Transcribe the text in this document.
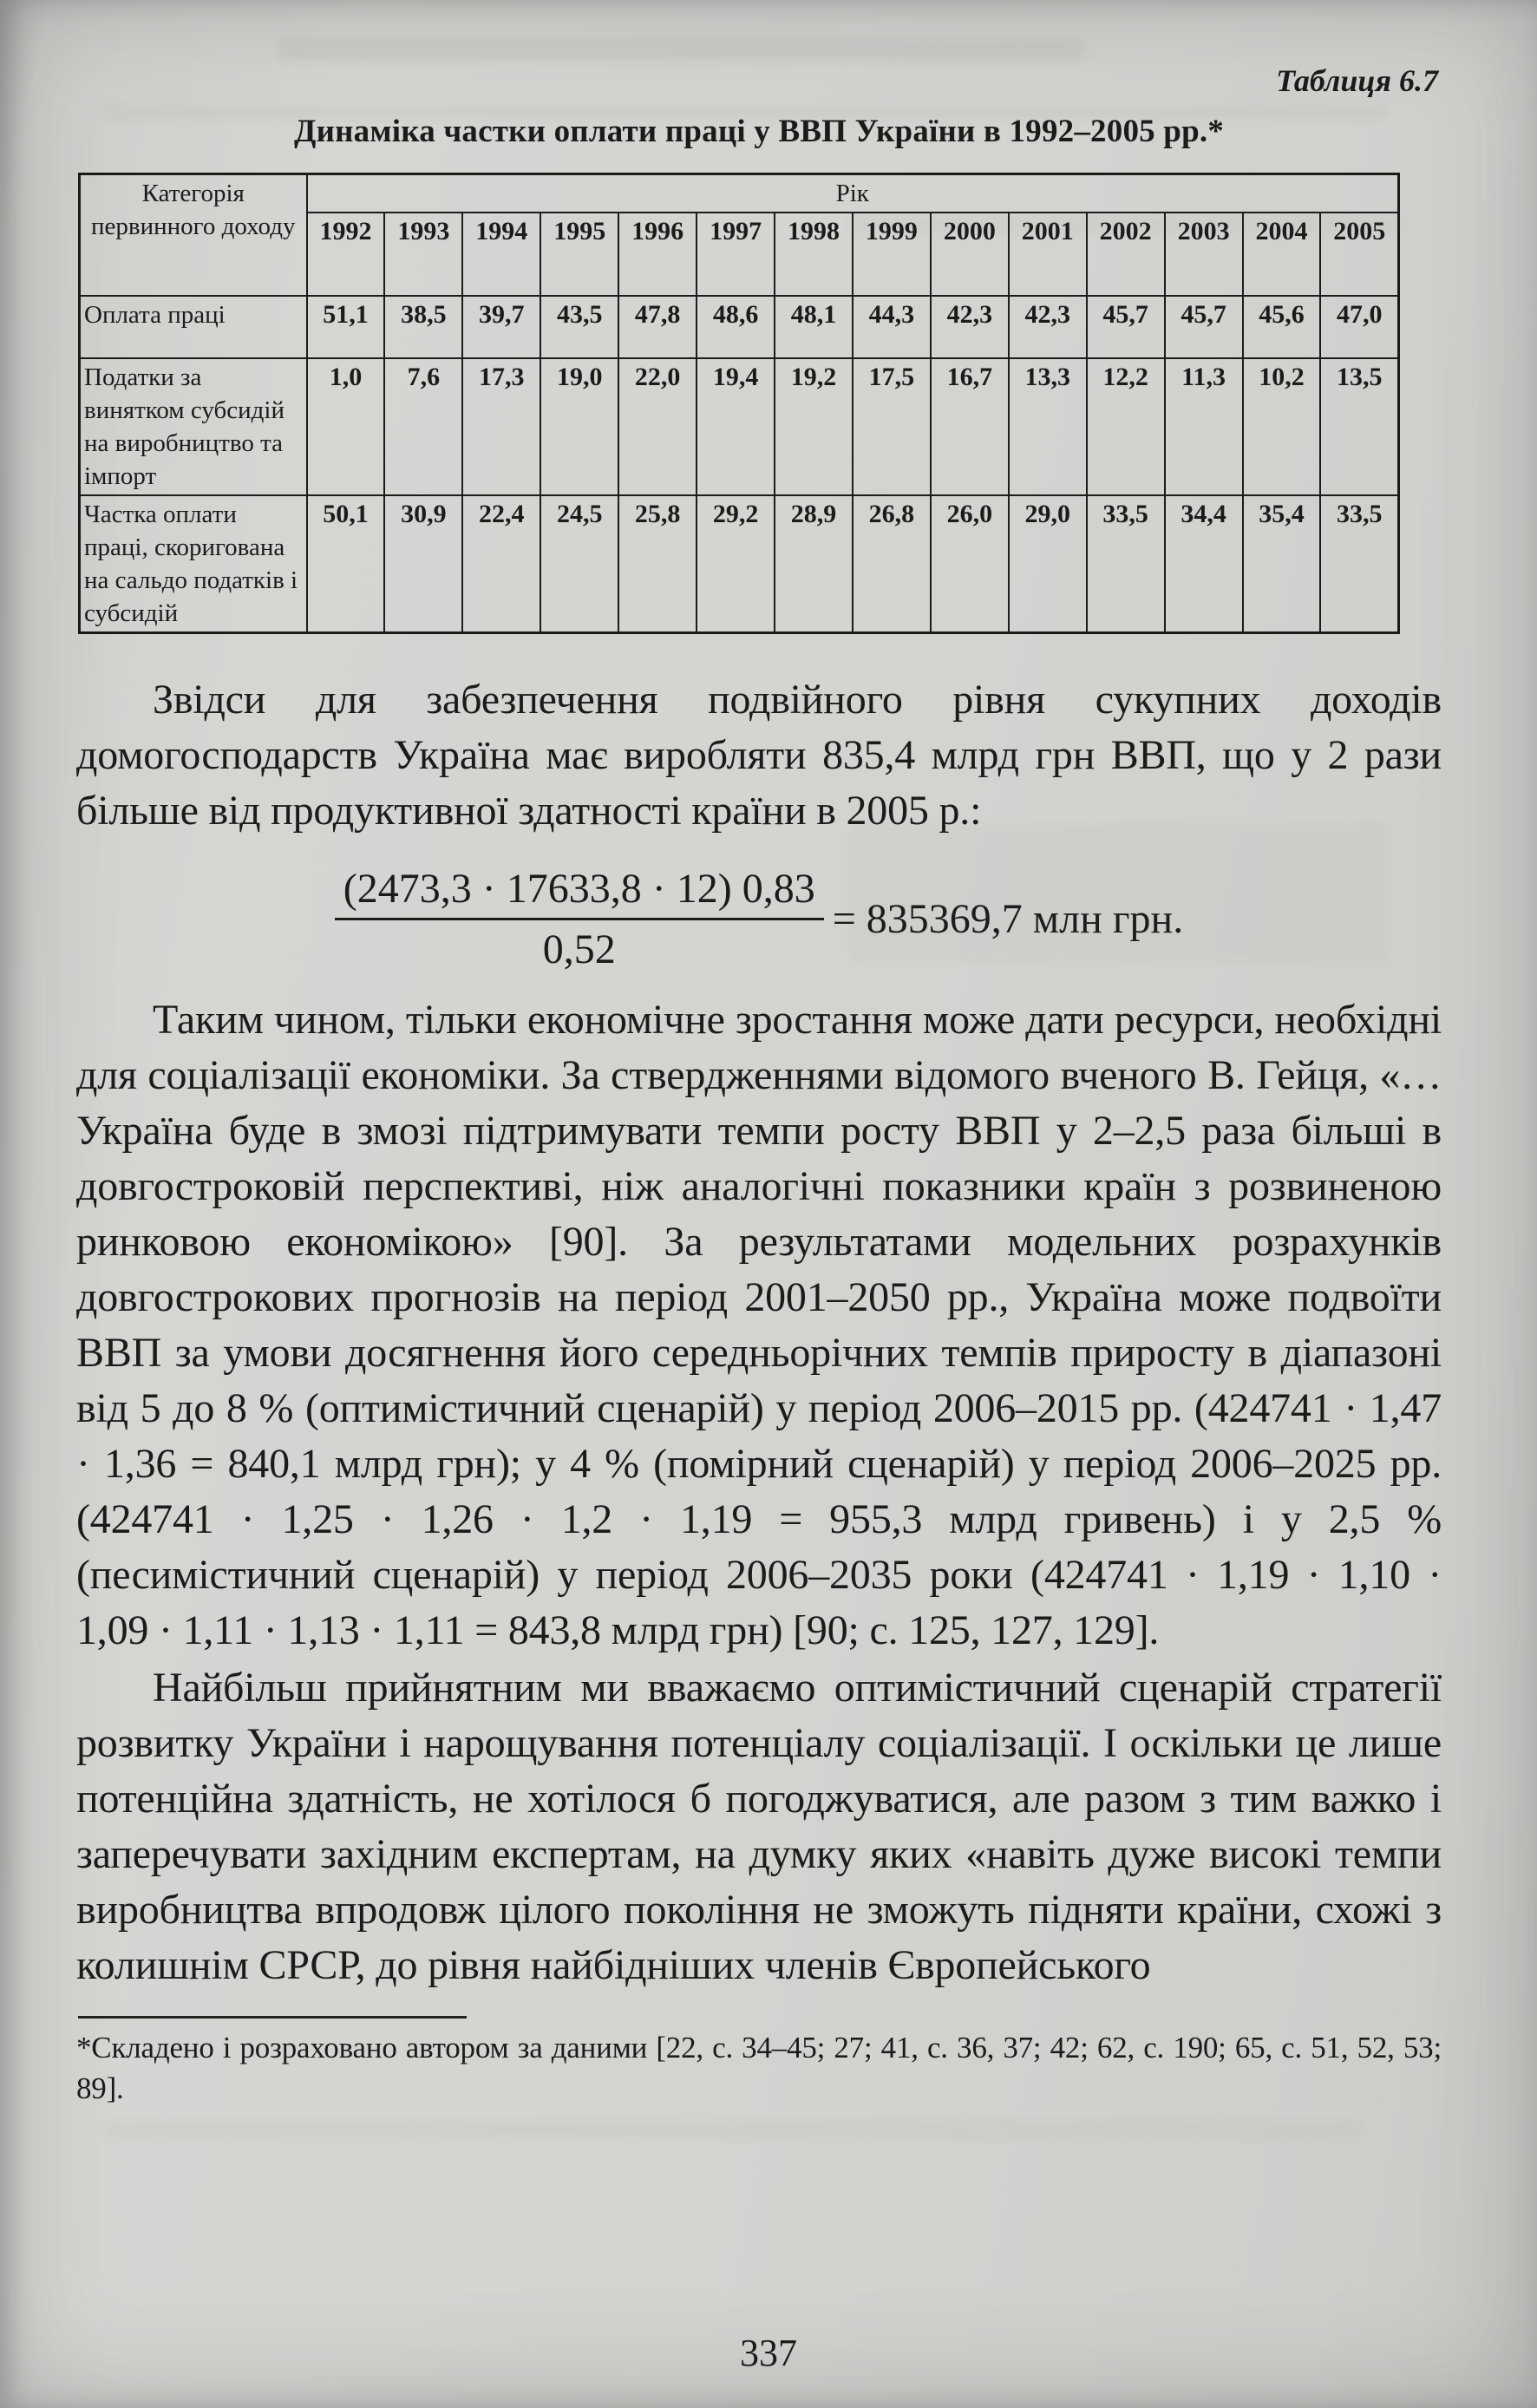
Таблиця 6.7
Динаміка частки оплати праці у ВВП України в 1992–2005 рр.*
Категорія первинного доходу	Рік													
	1992	1993	1994	1995	1996	1997	1998	1999	2000	2001	2002	2003	2004	2005
Оплата праці	51,1	38,5	39,7	43,5	47,8	48,6	48,1	44,3	42,3	42,3	45,7	45,7	45,6	47,0
Податки за винятком субсидій на виробництво та імпорт	1,0	7,6	17,3	19,0	22,0	19,4	19,2	17,5	16,7	13,3	12,2	11,3	10,2	13,5
Частка оплати праці, скоригована на сальдо податків і субсидій	50,1	30,9	22,4	24,5	25,8	29,2	28,9	26,8	26,0	29,0	33,5	34,4	35,4	33,5

Звідси для забезпечення подвійного рівня сукупних доходів домогосподарств Україна має виробляти 835,4 млрд грн ВВП, що у 2 рази більше від продуктивної здатності країни в 2005 р.:

$\frac{(2473,3 \cdot 17633,8 \cdot 12) 0,83}{0,52} = 835369,7$ млн грн.

Таким чином, тільки економічне зростання може дати ресурси, необхідні для соціалізації економіки. За ствердженнями відомого вченого В. Гейця, «…Україна буде в змозі підтримувати темпи росту ВВП у 2–2,5 раза більші в довгостроковій перспективі, ніж аналогічні показники країн з розвиненою ринковою економікою» [90]. За результатами модельних розрахунків довгострокових прогнозів на період 2001–2050 рр., Україна може подвоїти ВВП за умови досягнення його середньорічних темпів приросту в діапазоні від 5 до 8 % (оптимістичний сценарій) у період 2006–2015 рр. (424741 · 1,47 · 1,36 = 840,1 млрд грн); у 4 % (помірний сценарій) у період 2006–2025 рр. (424741 · 1,25 · 1,26 · 1,2 · 1,19 = 955,3 млрд гривень) і у 2,5 % (песимістичний сценарій) у період 2006–2035 роки (424741 · 1,19 · 1,10 · 1,09 · 1,11 · 1,13 · 1,11 = 843,8 млрд грн) [90; с. 125, 127, 129].

Найбільш прийнятним ми вважаємо оптимістичний сценарій стратегії розвитку України і нарощування потенціалу соціалізації. І оскільки це лише потенційна здатність, не хотілося б погоджуватися, але разом з тим важко і заперечувати західним експертам, на думку яких «навіть дуже високі темпи виробництва впродовж цілого покоління не зможуть підняти країни, схожі з колишнім СРСР, до рівня найбідніших членів Європейського

*Складено і розраховано автором за даними [22, с. 34–45; 27; 41, с. 36, 37; 42; 62, с. 190; 65, с. 51, 52, 53; 89].

337
